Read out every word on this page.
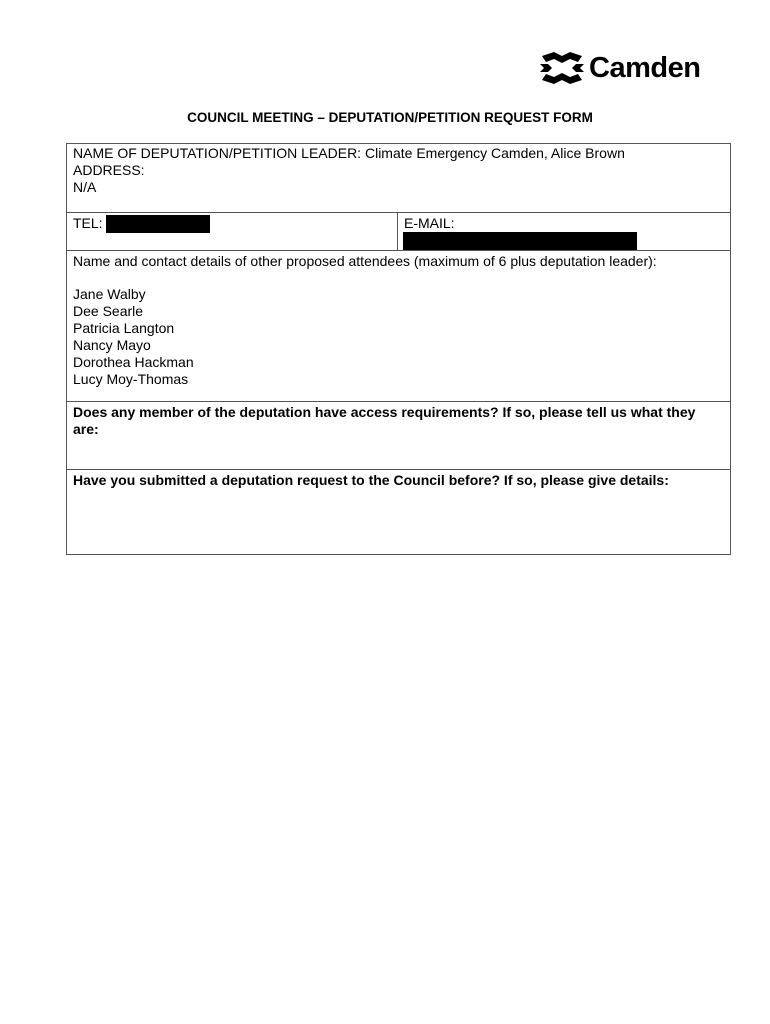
Camden
COUNCIL MEETING – DEPUTATION/PETITION REQUEST FORM
NAME OF DEPUTATION/PETITION LEADER: Climate Emergency Camden, Alice Brown
ADDRESS:
N/A

TEL:	E-MAIL:

Name and contact details of other proposed attendees (maximum of 6 plus deputation leader):
Jane Walby
Dee Searle
Patricia Langton
Nancy Mayo
Dorothea Hackman
Lucy Moy-Thomas

Does any member of the deputation have access requirements? If so, please tell us what they are:
Have you submitted a deputation request to the Council before? If so, please give details:
